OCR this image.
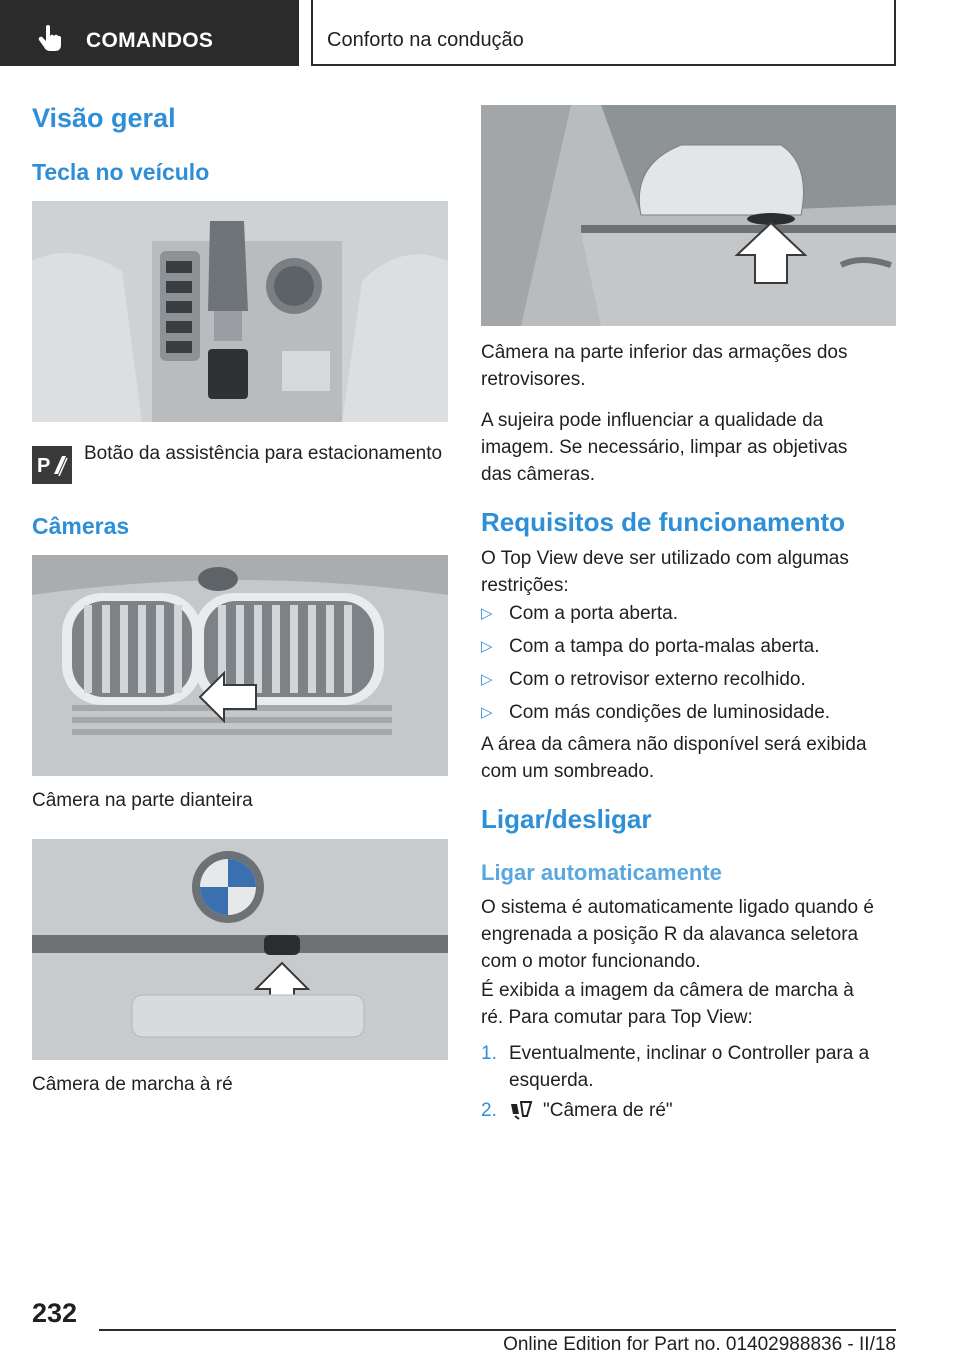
COMANDOS	Conforto na condução
Visão geral
Tecla no veículo
P
Botão da assistência para estacionamento
Câmeras
Câmera na parte dianteira
Câmera de marcha à ré
Câmera na parte inferior das armações dos retrovisores.
A sujeira pode influenciar a qualidade da imagem. Se necessário, limpar as objetivas das câmeras.
Requisitos de funcionamento
O Top View deve ser utilizado com algumas restrições:
▷ Com a porta aberta.
▷ Com a tampa do porta-malas aberta.
▷ Com o retrovisor externo recolhido.
▷ Com más condições de luminosidade.
A área da câmera não disponível será exibida com um sombreado.
Ligar/desligar
Ligar automaticamente
O sistema é automaticamente ligado quando é engrenada a posição R da alavanca seletora com o motor funcionando.
É exibida a imagem da câmera de marcha à ré. Para comutar para Top View:
1. Eventualmente, inclinar o Controller para a esquerda.
2. "Câmera de ré"
232
Online Edition for Part no. 01402988836 - II/18
